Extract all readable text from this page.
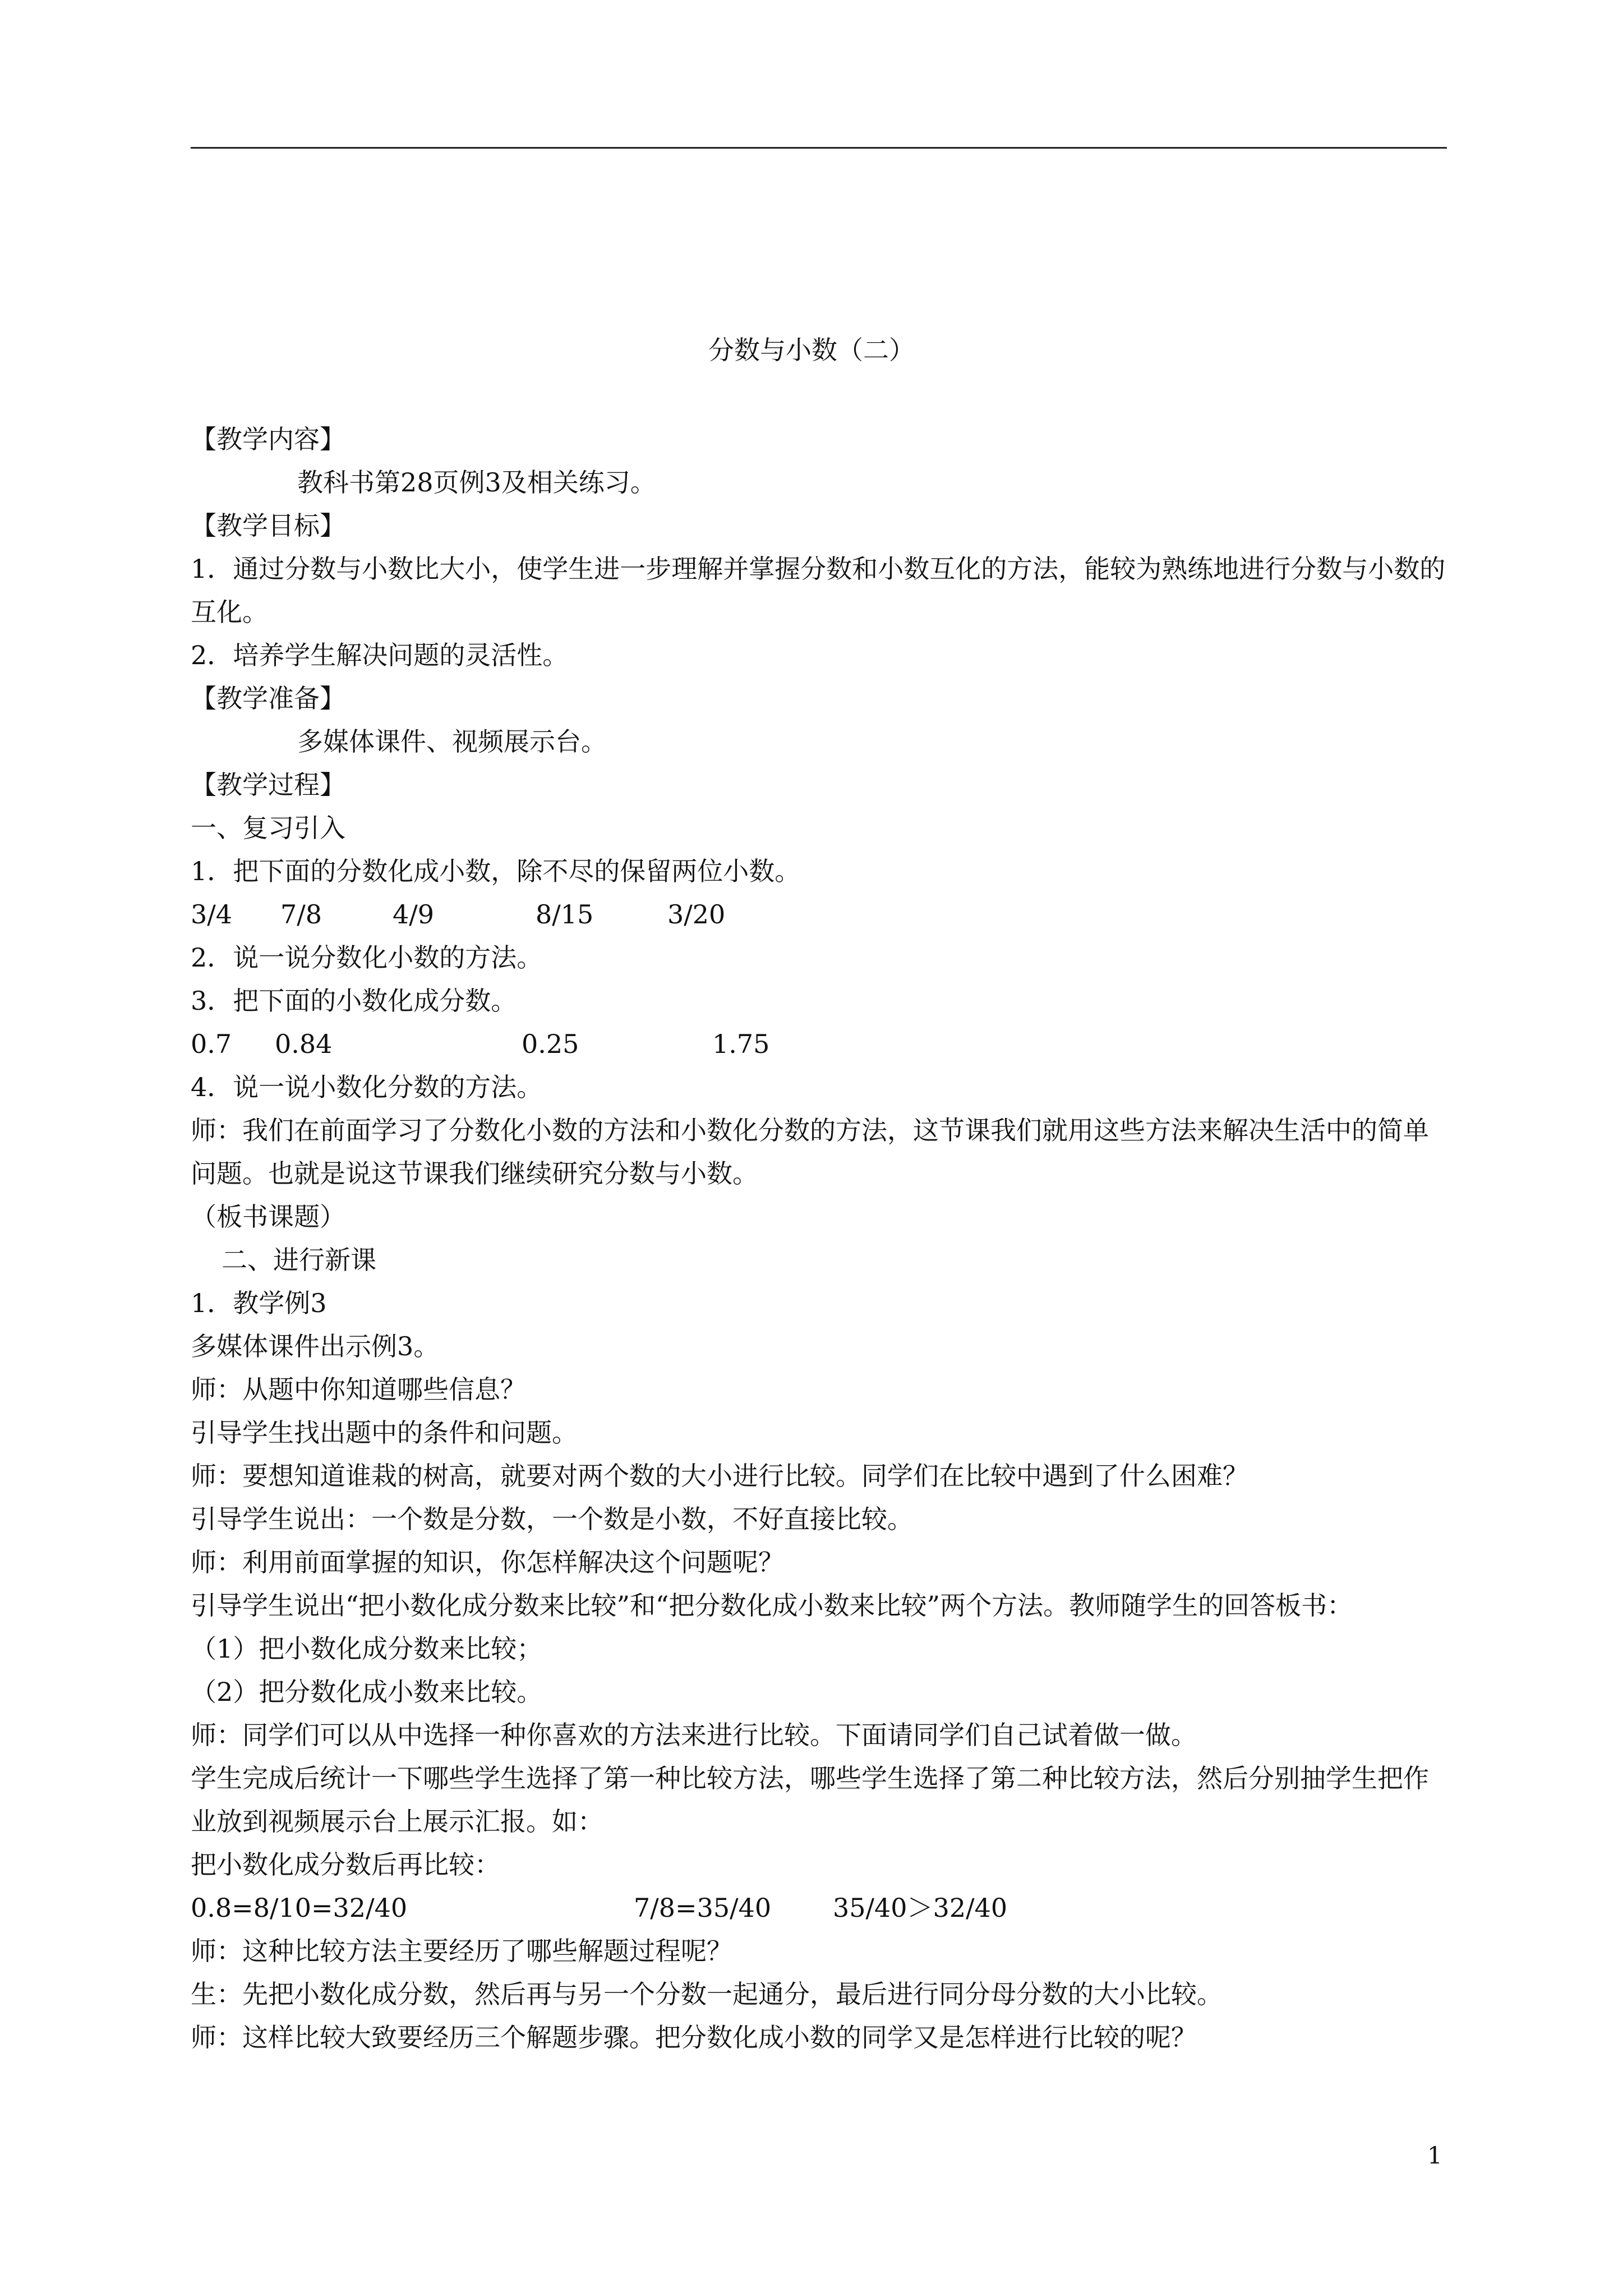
分数与小数（二）
【教学内容】
教科书第28页例3及相关练习。
【教学目标】
1．通过分数与小数比大小，使学生进一步理解并掌握分数和小数互化的方法，能较为熟练地进行分数与小数的互化。
2．培养学生解决问题的灵活性。
【教学准备】
多媒体课件、视频展示台。
【教学过程】
一、复习引入
1．把下面的分数化成小数，除不尽的保留两位小数。
3/4 7/8	4/9	8/15	3/20
2．说一说分数化小数的方法。
3．把下面的小数化成分数。
0.7 0.84	0.25	1.75
4．说一说小数化分数的方法。
师：我们在前面学习了分数化小数的方法和小数化分数的方法，这节课我们就用这些方法来解决生活中的简单问题。也就是说这节课我们继续研究分数与小数。
（板书课题）
二、进行新课
1．教学例3
多媒体课件出示例3。
师：从题中你知道哪些信息？
引导学生找出题中的条件和问题。
师：要想知道谁栽的树高，就要对两个数的大小进行比较。同学们在比较中遇到了什么困难？
引导学生说出：一个数是分数，一个数是小数，不好直接比较。
师：利用前面掌握的知识，你怎样解决这个问题呢？
引导学生说出“把小数化成分数来比较”和“把分数化成小数来比较”两个方法。教师随学生的回答板书：
（1）把小数化成分数来比较；
（2）把分数化成小数来比较。
师：同学们可以从中选择一种你喜欢的方法来进行比较。下面请同学们自己试着做一做。
学生完成后统计一下哪些学生选择了第一种比较方法，哪些学生选择了第二种比较方法，然后分别抽学生把作业放到视频展示台上展示汇报。如：
把小数化成分数后再比较：
0.8=8/10=32/40	7/8=35/40 35/40＞32/40
师：这种比较方法主要经历了哪些解题过程呢？
生：先把小数化成分数，然后再与另一个分数一起通分，最后进行同分母分数的大小比较。
师：这样比较大致要经历三个解题步骤。把分数化成小数的同学又是怎样进行比较的呢？
1
